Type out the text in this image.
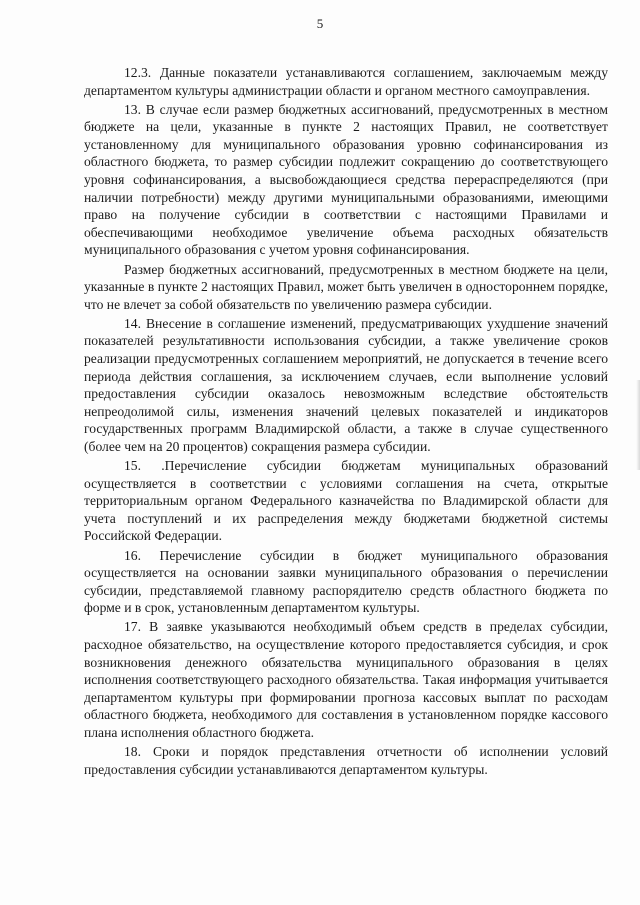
5

12.3. Данные показатели устанавливаются соглашением, заключаемым между департаментом культуры администрации области и органом местного самоуправления.

13. В случае если размер бюджетных ассигнований, предусмотренных в местном бюджете на цели, указанные в пункте 2 настоящих Правил, не соответствует установленному для муниципального образования уровню софинансирования из областного бюджета, то размер субсидии подлежит сокращению до соответствующего уровня софинансирования, а высвобождающиеся средства перераспределяются (при наличии потребности) между другими муниципальными образованиями, имеющими право на получение субсидии в соответствии с настоящими Правилами и обеспечивающими необходимое увеличение объема расходных обязательств муниципального образования с учетом уровня софинансирования.

Размер бюджетных ассигнований, предусмотренных в местном бюджете на цели, указанные в пункте 2 настоящих Правил, может быть увеличен в одностороннем порядке, что не влечет за собой обязательств по увеличению размера субсидии.

14. Внесение в соглашение изменений, предусматривающих ухудшение значений показателей результативности использования субсидии, а также увеличение сроков реализации предусмотренных соглашением мероприятий, не допускается в течение всего периода действия соглашения, за исключением случаев, если выполнение условий предоставления субсидии оказалось невозможным вследствие обстоятельств непреодолимой силы, изменения значений целевых показателей и индикаторов государственных программ Владимирской области, а также в случае существенного (более чем на 20 процентов) сокращения размера субсидии.

15. .Перечисление субсидии бюджетам муниципальных образований осуществляется в соответствии с условиями соглашения на счета, открытые территориальным органом Федерального казначейства по Владимирской области для учета поступлений и их распределения между бюджетами бюджетной системы Российской Федерации.

16. Перечисление субсидии в бюджет муниципального образования осуществляется на основании заявки муниципального образования о перечислении субсидии, представляемой главному распорядителю средств областного бюджета по форме и в срок, установленным департаментом культуры.

17. В заявке указываются необходимый объем средств в пределах субсидии, расходное обязательство, на осуществление которого предоставляется субсидия, и срок возникновения денежного обязательства муниципального образования в целях исполнения соответствующего расходного обязательства. Такая информация учитывается департаментом культуры при формировании прогноза кассовых выплат по расходам областного бюджета, необходимого для составления в установленном порядке кассового плана исполнения областного бюджета.

18. Сроки и порядок представления отчетности об исполнении условий предоставления субсидии устанавливаются департаментом культуры.
